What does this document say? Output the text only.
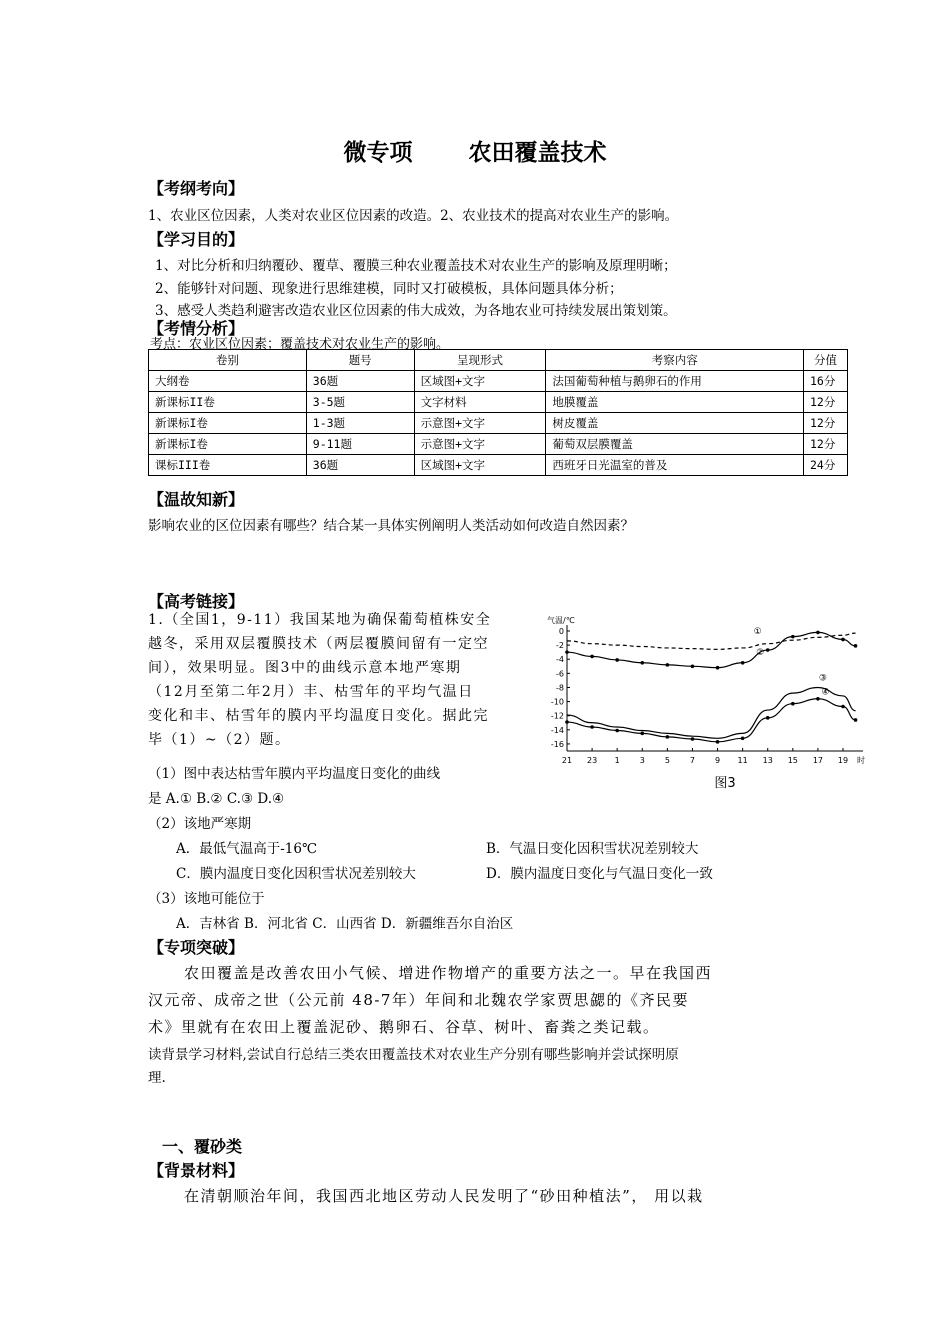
微专项 农田覆盖技术
【考纲考向】
1、农业区位因素，人类对农业区位因素的改造。2、农业技术的提高对农业生产的影响。
【学习目的】
1、对比分析和归纳覆砂、覆草、覆膜三种农业覆盖技术对农业生产的影响及原理明晰；
2、能够针对问题、现象进行思维建模，同时又打破模板，具体问题具体分析；
3、感受人类趋利避害改造农业区位因素的伟大成效，为各地农业可持续发展出策划策。
【考情分析】
考点：农业区位因素；覆盖技术对农业生产的影响。
卷别	题号	呈现形式	考察内容	分值
大纲卷	36题	区域图+文字	法国葡萄种植与鹅卵石的作用	16分
新课标II卷	3-5题	文字材料	地膜覆盖	12分
新课标I卷	1-3题	示意图+文字	树皮覆盖	12分
新课标I卷	9-11题	示意图+文字	葡萄双层膜覆盖	12分
课标III卷	36题	区域图+文字	西班牙日光温室的普及	24分
【温故知新】
影响农业的区位因素有哪些？结合某一具体实例阐明人类活动如何改造自然因素？
【高考链接】
1.（全国1，9-11）我国某地为确保葡萄植株安全
越冬，采用双层覆膜技术（两层覆膜间留有一定空
间），效果明显。图3中的曲线示意本地严寒期
（12月至第二年2月）丰、枯雪年的平均气温日
变化和丰、枯雪年的膜内平均温度日变化。据此完
毕（1）~（2）题。
（1）图中表达枯雪年膜内平均温度日变化的曲线
是 A.① B.② C.③ D.④
0
-2
-4
-6
-8
-10
-12
-14
-16
21 23 1 3 5 7 9 11 13 15 17 19
气温/℃
时
图3
①
②
③
④
（2）该地严寒期
A．最低气温高于-16℃	B．气温日变化因积雪状况差别较大
C．膜内温度日变化因积雪状况差别较大	D．膜内温度日变化与气温日变化一致
（3）该地可能位于
A．吉林省 B．河北省 C．山西省 D．新疆维吾尔自治区
【专项突破】
农田覆盖是改善农田小气候、增进作物增产的重要方法之一。早在我国西
汉元帝、成帝之世（公元前 48-7年）年间和北魏农学家贾思勰的《齐民要
术》里就有在农田上覆盖泥砂、鹅卵石、谷草、树叶、畜粪之类记载。
读背景学习材料,尝试自行总结三类农田覆盖技术对农业生产分别有哪些影响并尝试探明原
理.
一、覆砂类
【背景材料】
在清朝顺治年间，我国西北地区劳动人民发明了“砂田种植法”， 用以栽
